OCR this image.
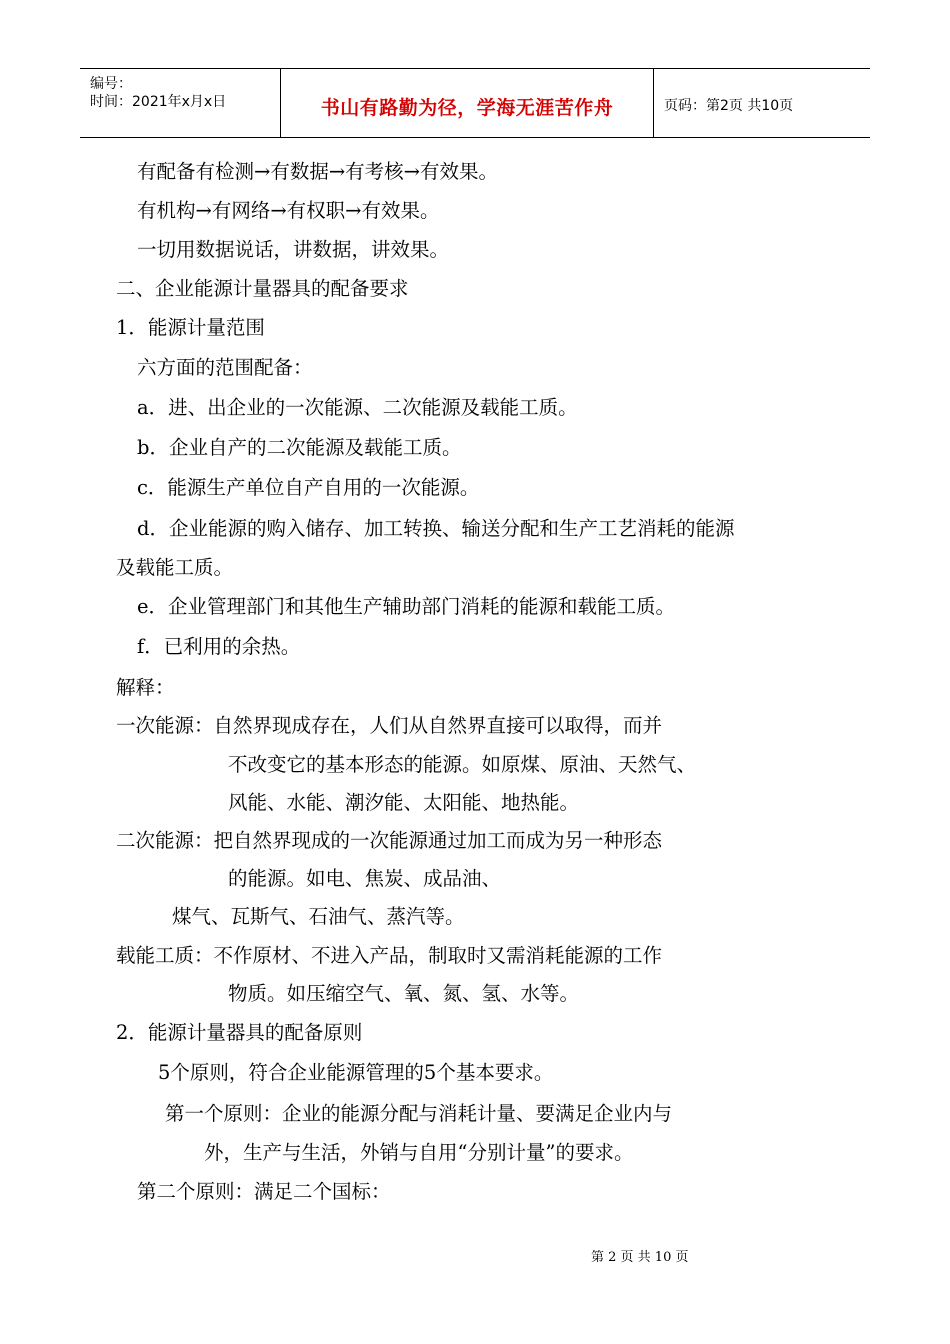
编号：
时间：2021年x月x日	书山有路勤为径，学海无涯苦作舟	页码：第2页 共10页
有配备有检测→有数据→有考核→有效果。
有机构→有网络→有权职→有效果。
一切用数据说话，讲数据，讲效果。
二、企业能源计量器具的配备要求
1．能源计量范围
六方面的范围配备：
a．进、出企业的一次能源、二次能源及载能工质。
b．企业自产的二次能源及载能工质。
c．能源生产单位自产自用的一次能源。
d．企业能源的购入储存、加工转换、输送分配和生产工艺消耗的能源
及载能工质。
e．企业管理部门和其他生产辅助部门消耗的能源和载能工质。
f．已利用的余热。
解释：
一次能源：自然界现成存在，人们从自然界直接可以取得，而并
不改变它的基本形态的能源。如原煤、原油、天然气、
风能、水能、潮汐能、太阳能、地热能。
二次能源：把自然界现成的一次能源通过加工而成为另一种形态
的能源。如电、焦炭、成品油、
煤气、瓦斯气、石油气、蒸汽等。
载能工质：不作原材、不进入产品，制取时又需消耗能源的工作
物质。如压缩空气、氧、氮、氢、水等。
2．能源计量器具的配备原则
5个原则，符合企业能源管理的5个基本要求。
第一个原则：企业的能源分配与消耗计量、要满足企业内与
外，生产与生活，外销与自用“分别计量”的要求。
第二个原则：满足二个国标：
第 2 页 共 10 页
